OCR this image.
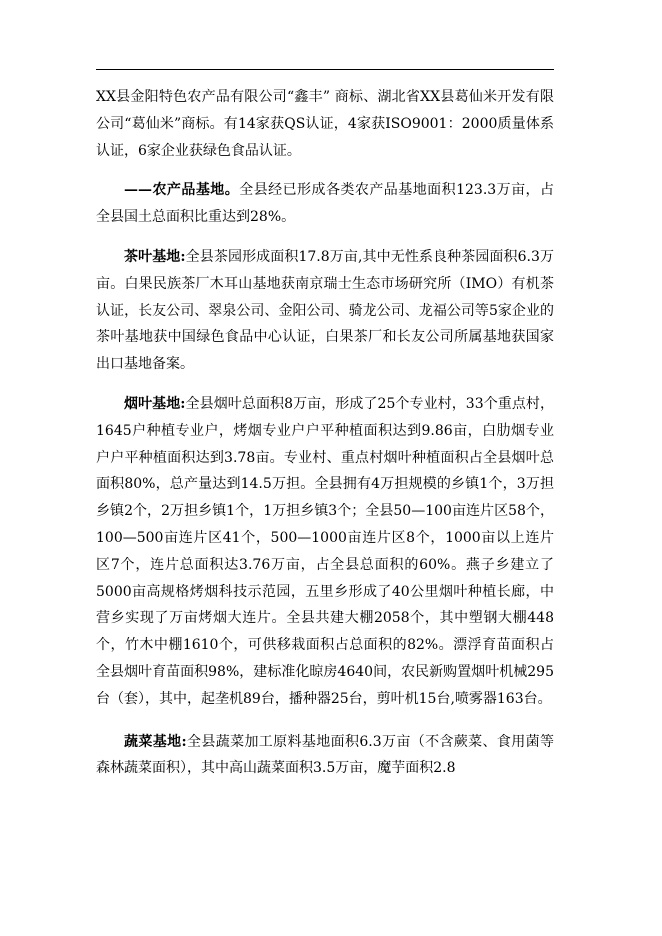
XX县金阳特色农产品有限公司“鑫丰” 商标、湖北省XX县葛仙米开发有限公司“葛仙米”商标。有14家获QS认证，4家获ISO9001：2000质量体系认证，6家企业获绿色食品认证。

——农产品基地。全县经已形成各类农产品基地面积123.3万亩，占全县国土总面积比重达到28%。

茶叶基地:全县茶园形成面积17.8万亩,其中无性系良种茶园面积6.3万亩。白果民族茶厂木耳山基地获南京瑞士生态市场研究所（IMO）有机茶认证，长友公司、翠泉公司、金阳公司、骑龙公司、龙福公司等5家企业的茶叶基地获中国绿色食品中心认证，白果茶厂和长友公司所属基地获国家出口基地备案。

烟叶基地:全县烟叶总面积8万亩，形成了25个专业村，33个重点村，1645户种植专业户，烤烟专业户户平种植面积达到9.86亩，白肋烟专业户户平种植面积达到3.78亩。专业村、重点村烟叶种植面积占全县烟叶总面积80%，总产量达到14.5万担。全县拥有4万担规模的乡镇1个，3万担乡镇2个，2万担乡镇1个，1万担乡镇3个；全县50—100亩连片区58个，100—500亩连片区41个，500—1000亩连片区8个，1000亩以上连片区7个，连片总面积达3.76万亩，占全县总面积的60%。燕子乡建立了5000亩高规格烤烟科技示范园，五里乡形成了40公里烟叶种植长廊，中营乡实现了万亩烤烟大连片。全县共建大棚2058个，其中塑钢大棚448个，竹木中棚1610个，可供移栽面积占总面积的82%。漂浮育苗面积占全县烟叶育苗面积98%，建标准化晾房4640间，农民新购置烟叶机械295台（套），其中，起垄机89台，播种器25台，剪叶机15台,喷雾器163台。

蔬菜基地:全县蔬菜加工原料基地面积6.3万亩（不含蕨菜、食用菌等森林蔬菜面积），其中高山蔬菜面积3.5万亩，魔芋面积2.8
